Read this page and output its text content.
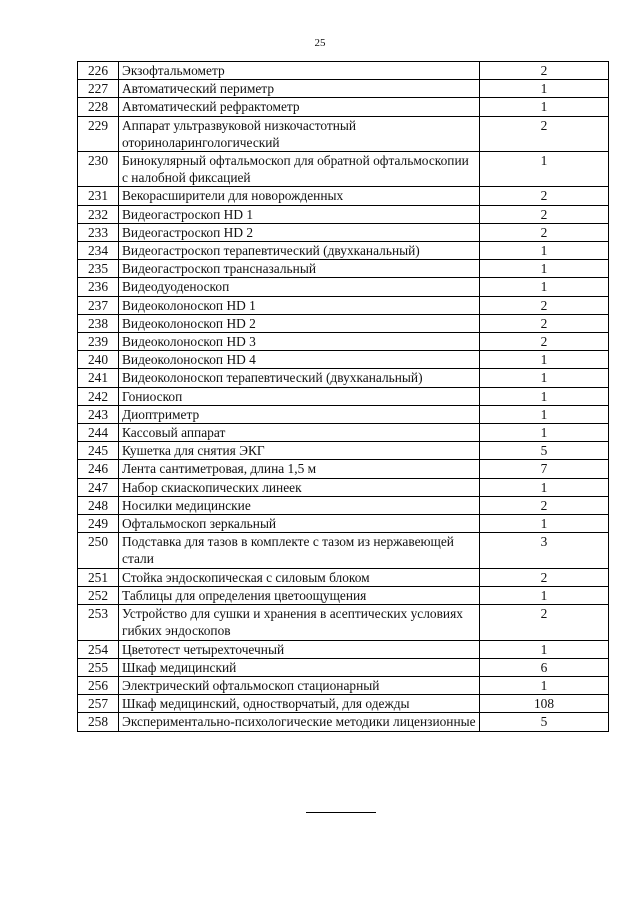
25
226	Экзофтальмометр	2
227	Автоматический периметр	1
228	Автоматический рефрактометр	1
229	Аппарат ультразвуковой низкочастотный оториноларингологический	2
230	Бинокулярный офтальмоскоп для обратной офтальмоскопии с налобной фиксацией	1
231	Векорасширители для новорожденных	2
232	Видеогастроскоп HD 1	2
233	Видеогастроскоп HD 2	2
234	Видеогастроскоп терапевтический (двухканальный)	1
235	Видеогастроскоп трансназальный	1
236	Видеодуоденоскоп	1
237	Видеоколоноскоп HD 1	2
238	Видеоколоноскоп HD 2	2
239	Видеоколоноскоп HD 3	2
240	Видеоколоноскоп HD 4	1
241	Видеоколоноскоп терапевтический (двухканальный)	1
242	Гониоскоп	1
243	Диоптриметр	1
244	Кассовый аппарат	1
245	Кушетка для снятия ЭКГ	5
246	Лента сантиметровая, длина 1,5 м	7
247	Набор скиаскопических линеек	1
248	Носилки медицинские	2
249	Офтальмоскоп зеркальный	1
250	Подставка для тазов в комплекте с тазом из нержавеющей стали	3
251	Стойка эндоскопическая с силовым блоком	2
252	Таблицы для определения цветоощущения	1
253	Устройство для сушки и хранения в асептических условиях гибких эндоскопов	2
254	Цветотест четырехточечный	1
255	Шкаф медицинский	6
256	Электрический офтальмоскоп стационарный	1
257	Шкаф медицинский, одностворчатый, для одежды	108
258	Экспериментально-психологические методики лицензионные	5
